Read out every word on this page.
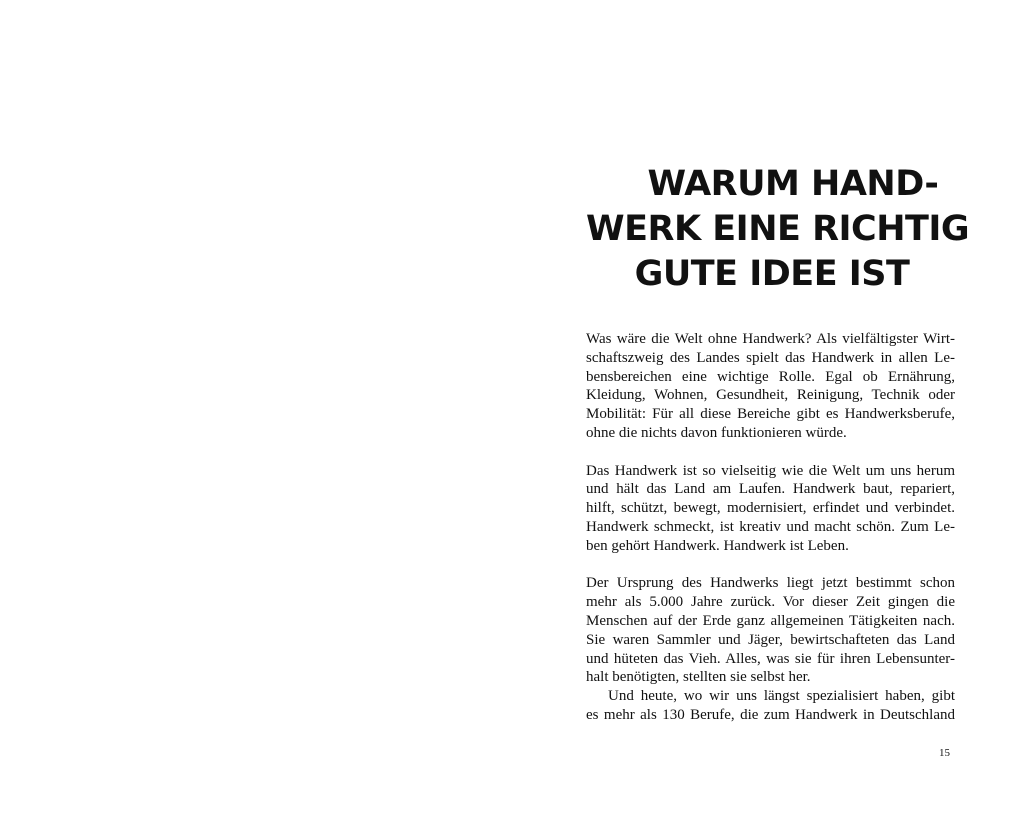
WARUM HAND-
WERK EINE RICHTIG
GUTE IDEE IST

Was wäre die Welt ohne Handwerk? Als vielfältigster Wirt-
schaftszweig des Landes spielt das Handwerk in allen Le-
bensbereichen eine wichtige Rolle. Egal ob Ernährung,
Kleidung, Wohnen, Gesundheit, Reinigung, Technik oder
Mobilität: Für all diese Bereiche gibt es Handwerksberufe,
ohne die nichts davon funktionieren würde.

Das Handwerk ist so vielseitig wie die Welt um uns herum
und hält das Land am Laufen. Handwerk baut, repariert,
hilft, schützt, bewegt, modernisiert, erfindet und verbindet.
Handwerk schmeckt, ist kreativ und macht schön. Zum Le-
ben gehört Handwerk. Handwerk ist Leben.

Der Ursprung des Handwerks liegt jetzt bestimmt schon
mehr als 5.000 Jahre zurück. Vor dieser Zeit gingen die
Menschen auf der Erde ganz allgemeinen Tätigkeiten nach.
Sie waren Sammler und Jäger, bewirtschafteten das Land
und hüteten das Vieh. Alles, was sie für ihren Lebensunter-
halt benötigten, stellten sie selbst her.

Und heute, wo wir uns längst spezialisiert haben, gibt
es mehr als 130 Berufe, die zum Handwerk in Deutschland

15
